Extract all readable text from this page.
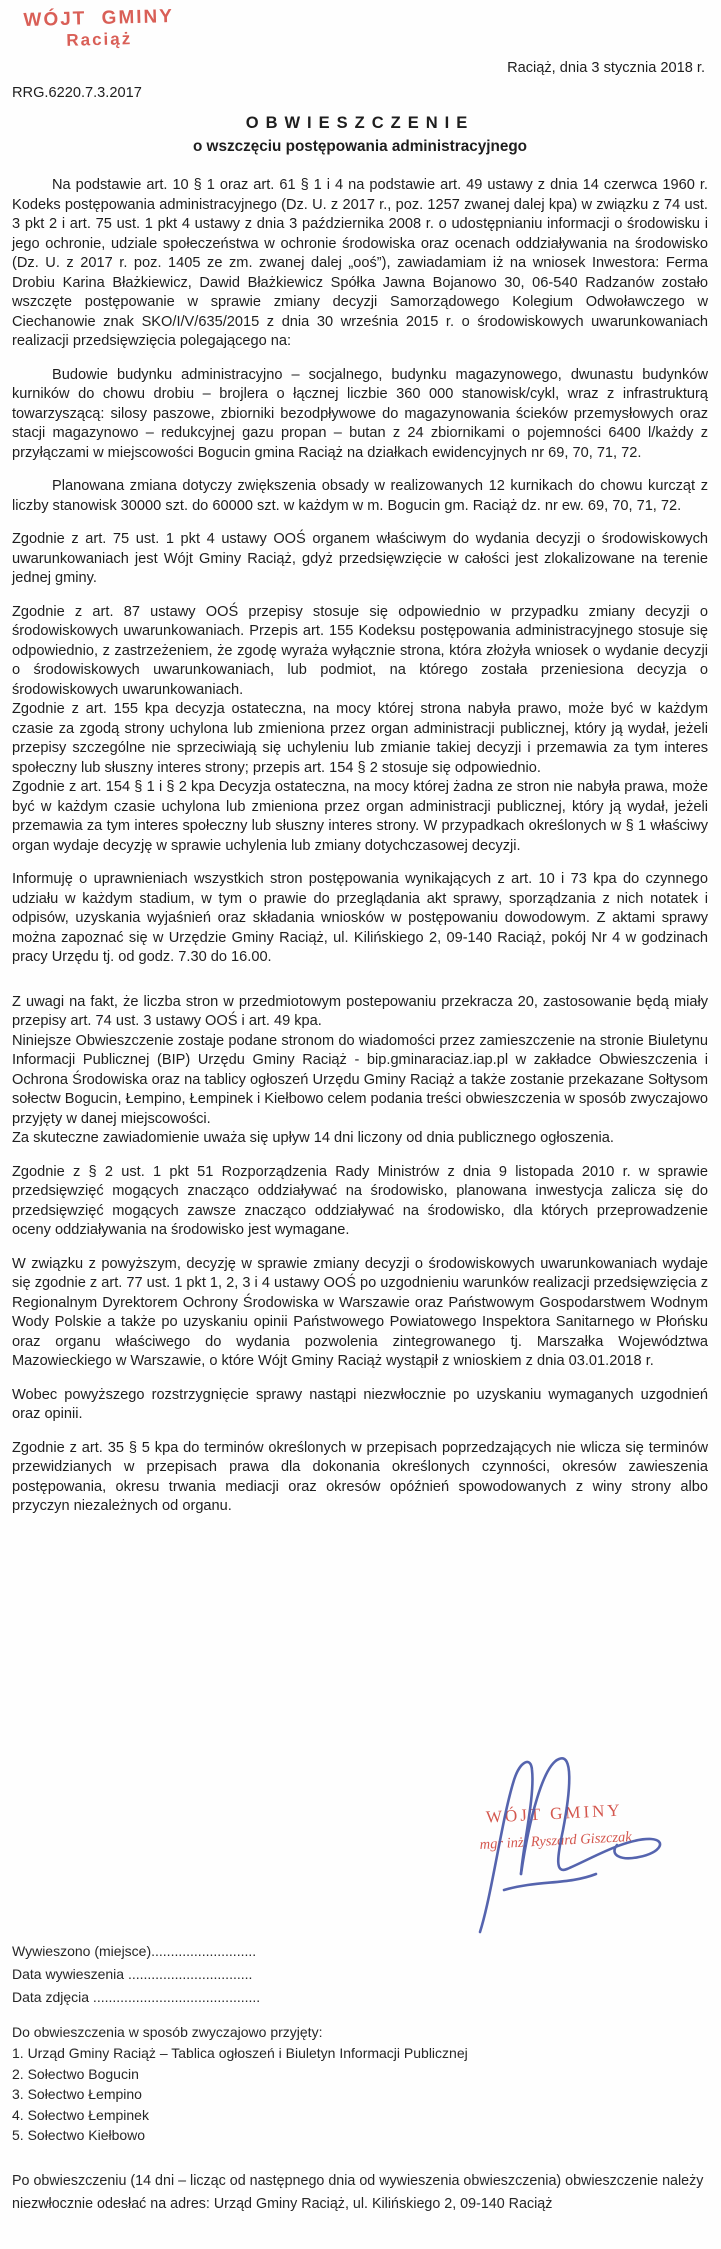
WÓJT GMINY
Raciąż
Raciąż, dnia 3 stycznia 2018 r.
RRG.6220.7.3.2017
OBWIESZCZENIE
o wszczęciu postępowania administracyjnego

Na podstawie art. 10 § 1 oraz art. 61 § 1 i 4 na podstawie art. 49 ustawy z dnia 14 czerwca 1960 r. Kodeks postępowania administracyjnego (Dz. U. z 2017 r., poz. 1257 zwanej dalej kpa) w związku z 74 ust. 3 pkt 2 i art. 75 ust. 1 pkt 4 ustawy z dnia 3 października 2008 r. o udostępnianiu informacji o środowisku i jego ochronie, udziale społeczeństwa w ochronie środowiska oraz ocenach oddziaływania na środowisko (Dz. U. z 2017 r. poz. 1405 ze zm. zwanej dalej „ooś”), zawiadamiam iż na wniosek Inwestora: Ferma Drobiu Karina Błażkiewicz, Dawid Błażkiewicz Spółka Jawna Bojanowo 30, 06-540 Radzanów zostało wszczęte postępowanie w sprawie zmiany decyzji Samorządowego Kolegium Odwoławczego w Ciechanowie znak SKO/I/V/635/2015 z dnia 30 września 2015 r. o środowiskowych uwarunkowaniach realizacji przedsięwzięcia polegającego na:

Budowie budynku administracyjno – socjalnego, budynku magazynowego, dwunastu budynków kurników do chowu drobiu – brojlera o łącznej liczbie 360 000 stanowisk/cykl, wraz z infrastrukturą towarzyszącą: silosy paszowe, zbiorniki bezodpływowe do magazynowania ścieków przemysłowych oraz stacji magazynowo – redukcyjnej gazu propan – butan z 24 zbiornikami o pojemności 6400 l/każdy z przyłączami w miejscowości Bogucin gmina Raciąż na działkach ewidencyjnych nr 69, 70, 71, 72.

Planowana zmiana dotyczy zwiększenia obsady w realizowanych 12 kurnikach do chowu kurcząt z liczby stanowisk 30000 szt. do 60000 szt. w każdym w m. Bogucin gm. Raciąż dz. nr ew. 69, 70, 71, 72.

Zgodnie z art. 75 ust. 1 pkt 4 ustawy OOŚ organem właściwym do wydania decyzji o środowiskowych uwarunkowaniach jest Wójt Gminy Raciąż, gdyż przedsięwzięcie w całości jest zlokalizowane na terenie jednej gminy.

Zgodnie z art. 87 ustawy OOŚ przepisy stosuje się odpowiednio w przypadku zmiany decyzji o środowiskowych uwarunkowaniach. Przepis art. 155 Kodeksu postępowania administracyjnego stosuje się odpowiednio, z zastrzeżeniem, że zgodę wyraża wyłącznie strona, która złożyła wniosek o wydanie decyzji o środowiskowych uwarunkowaniach, lub podmiot, na którego została przeniesiona decyzja o środowiskowych uwarunkowaniach.

Zgodnie z art. 155 kpa decyzja ostateczna, na mocy której strona nabyła prawo, może być w każdym czasie za zgodą strony uchylona lub zmieniona przez organ administracji publicznej, który ją wydał, jeżeli przepisy szczególne nie sprzeciwiają się uchyleniu lub zmianie takiej decyzji i przemawia za tym interes społeczny lub słuszny interes strony; przepis art. 154 § 2 stosuje się odpowiednio.

Zgodnie z art. 154 § 1 i § 2 kpa Decyzja ostateczna, na mocy której żadna ze stron nie nabyła prawa, może być w każdym czasie uchylona lub zmieniona przez organ administracji publicznej, który ją wydał, jeżeli przemawia za tym interes społeczny lub słuszny interes strony. W przypadkach określonych w § 1 właściwy organ wydaje decyzję w sprawie uchylenia lub zmiany dotychczasowej decyzji.

Informuję o uprawnieniach wszystkich stron postępowania wynikających z art. 10 i 73 kpa do czynnego udziału w każdym stadium, w tym o prawie do przeglądania akt sprawy, sporządzania z nich notatek i odpisów, uzyskania wyjaśnień oraz składania wniosków w postępowaniu dowodowym. Z aktami sprawy można zapoznać się w Urzędzie Gminy Raciąż, ul. Kilińskiego 2, 09-140 Raciąż, pokój Nr 4 w godzinach pracy Urzędu tj. od godz. 7.30 do 16.00.

Z uwagi na fakt, że liczba stron w przedmiotowym postepowaniu przekracza 20, zastosowanie będą miały przepisy art. 74 ust. 3 ustawy OOŚ i art. 49 kpa.

Niniejsze Obwieszczenie zostaje podane stronom do wiadomości przez zamieszczenie na stronie Biuletynu Informacji Publicznej (BIP) Urzędu Gminy Raciąż - bip.gminaraciaz.iap.pl w zakładce Obwieszczenia i Ochrona Środowiska oraz na tablicy ogłoszeń Urzędu Gminy Raciąż a także zostanie przekazane Sołtysom sołectw Bogucin, Łempino, Łempinek i Kiełbowo celem podania treści obwieszczenia w sposób zwyczajowo przyjęty w danej miejscowości.

Za skuteczne zawiadomienie uważa się upływ 14 dni liczony od dnia publicznego ogłoszenia.

Zgodnie z § 2 ust. 1 pkt 51 Rozporządzenia Rady Ministrów z dnia 9 listopada 2010 r. w sprawie przedsięwzięć mogących znacząco oddziaływać na środowisko, planowana inwestycja zalicza się do przedsięwzięć mogących zawsze znacząco oddziaływać na środowisko, dla których przeprowadzenie oceny oddziaływania na środowisko jest wymagane.

W związku z powyższym, decyzję w sprawie zmiany decyzji o środowiskowych uwarunkowaniach wydaje się zgodnie z art. 77 ust. 1 pkt 1, 2, 3 i 4 ustawy OOŚ po uzgodnieniu warunków realizacji przedsięwzięcia z Regionalnym Dyrektorem Ochrony Środowiska w Warszawie oraz Państwowym Gospodarstwem Wodnym Wody Polskie a także po uzyskaniu opinii Państwowego Powiatowego Inspektora Sanitarnego w Płońsku oraz organu właściwego do wydania pozwolenia zintegrowanego tj. Marszałka Województwa Mazowieckiego w Warszawie, o które Wójt Gminy Raciąż wystąpił z wnioskiem z dnia 03.01.2018 r.

Wobec powyższego rozstrzygnięcie sprawy nastąpi niezwłocznie po uzyskaniu wymaganych uzgodnień oraz opinii.

Zgodnie z art. 35 § 5 kpa do terminów określonych w przepisach poprzedzających nie wlicza się terminów przewidzianych w przepisach prawa dla dokonania określonych czynności, okresów zawieszenia postępowania, okresu trwania mediacji oraz okresów opóźnień spowodowanych z winy strony albo przyczyn niezależnych od organu.

WÓJT GMINY
mgr inż. Ryszard Giszczak
Wywieszono (miejsce)...........................
Data wywieszenia ................................
Data zdjęcia ...........................................
Do obwieszczenia w sposób zwyczajowo przyjęty:
1. Urząd Gminy Raciąż – Tablica ogłoszeń i Biuletyn Informacji Publicznej
2. Sołectwo Bogucin
3. Sołectwo Łempino
4. Sołectwo Łempinek
5. Sołectwo Kiełbowo
Po obwieszczeniu (14 dni – licząc od następnego dnia od wywieszenia obwieszczenia) obwieszczenie należy niezwłocznie odesłać na adres: Urząd Gminy Raciąż, ul. Kilińskiego 2, 09-140 Raciąż
